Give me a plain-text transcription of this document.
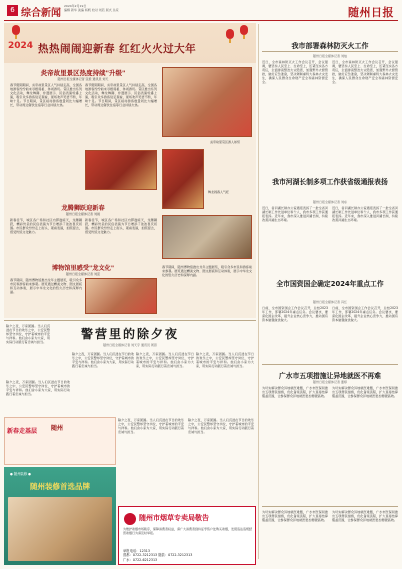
6 综合新闻
2024年2月19日
编辑 新华 美编 杨帆 校对 刘若 版式 丛家	随州日报
2024 热热闹闹迎新春 红红火火过大年
炎帝故里景区热度持续"升级"
随州日报全媒体记者 张毅 通讯员 刘天
春节假期期间，炎帝故里景区人气持续走高，全国各地游客纷纷前来寻根谒祖、休闲游玩。景区推出系列文化活动，舞龙舞狮、非遗展示、民俗表演轮番上演，吸引众多游客驻足观看，现场欢声笑语不断，年味十足。节日期间，景区接待游客数量同比大幅增长，带动周边餐饮住宿等行业持续火热。
春节假期期间，炎帝故里景区人气持续走高，全国各地游客纷纷前来寻根谒祖、休闲游玩。景区推出系列文化活动，舞龙舞狮、非遗展示、民俗表演轮番上演，吸引众多游客驻足观看，现场欢声笑语不断，年味十足。节日期间，景区接待游客数量同比大幅增长，带动周边餐饮住宿等行业持续火热。
炎帝故里景区游人如织
舞龙闹春人气旺
龙腾狮跃迎新春
随州日报全媒体记者 刘晨
新春佳节，城区各广场和社区内锣鼓喧天，龙腾狮跃，精彩纷呈的民俗表演为节日增添了浓浓喜庆氛围。市民群众纷纷走上街头，观看表演，拍照留念，感受传统文化魅力。
新春佳节，城区各广场和社区内锣鼓喧天，龙腾狮跃，精彩纷呈的民俗表演为节日增添了浓浓喜庆氛围。市民群众纷纷走上街头，观看表演，拍照留念，感受传统文化魅力。
博物馆里感受"龙文化"
随州日报全媒体记者 刘蕊
春节期间，随州博物馆推出龙年主题展览，吸引众多市民和游客前来参观。展览通过精美文物、图文展板和互动体验，展示中华龙文化的悠久历史和深厚内涵。
春节期间，随州博物馆推出龙年主题展览，吸引众多市民和游客前来参观。展览通过精美文物、图文展板和互动体验，展示中华龙文化的悠久历史和深厚内涵。
除夕之夜，万家团圆。当人们沉浸在节日的欢乐之中，公安民警却坚守岗位，守护着城市的平安与祥和。他们舍小家为大家，用实际行动践行着忠诚与担当。
警营里的除夕夜
随州日报全媒体记者 刘天宇 通讯员 周思
除夕之夜，万家团圆。当人们沉浸在节日的欢乐之中，公安民警却坚守岗位，守护着城市的平安与祥和。他们舍小家为大家，用实际行动践行着忠诚与担当。
除夕之夜，万家团圆。当人们沉浸在节日的欢乐之中，公安民警却坚守岗位，守护着城市的平安与祥和。他们舍小家为大家，用实际行动践行着忠诚与担当。
除夕之夜，万家团圆。当人们沉浸在节日的欢乐之中，公安民警却坚守岗位，守护着城市的平安与祥和。他们舍小家为大家，用实际行动践行着忠诚与担当。
除夕之夜，万家团圆。当人们沉浸在节日的欢乐之中，公安民警却坚守岗位，守护着城市的平安与祥和。他们舍小家为大家，用实际行动践行着忠诚与担当。
除夕之夜，万家团圆。当人们沉浸在节日的欢乐之中，公安民警却坚守岗位，守护着城市的平安与祥和。他们舍小家为大家，用实际行动践行着忠诚与担当。
除夕之夜，万家团圆。当人们沉浸在节日的欢乐之中，公安民警却坚守岗位，守护着城市的平安与祥和。他们舍小家为大家，用实际行动践行着忠诚与担当。
新春走基层 随州
● 随州装修 ●
随州装修首选品牌
随州市烟草专卖局敬告
为维护卷烟市场秩序，保障消费者权益，请广大消费者到持证零售户处购买卷烟，发现违法违规经营卷烟行为请及时举报。
举报电话：12313
曾都：0722-3212313 随县：0722-3212313
广水：0722-6212313
我市部署森林防灭火工作
随州日报全媒体记者 刘灿
近日，全市森林防灭火工作会议召开，会议强调，要坚持人民至上、生命至上，压紧压实各方责任，全面排查整治火灾隐患，加强野外火源管控，做好应急准备，坚决遏制重特大森林火灾发生，确保人民群众生命财产安全和森林资源安全。
近日，全市森林防灭火工作会议召开，会议强调，要坚持人民至上、生命至上，压紧压实各方责任，全面排查整治火灾隐患，加强野外火源管控，做好应急准备，坚决遏制重特大森林火灾发生，确保人民群众生命财产安全和森林资源安全。
我市河湖长制多项工作获省级通报表扬
随州日报全媒体记者 刘东
近日，省河湖长制办公室通报表扬了一批全省河湖长制工作先进单位和个人，我市多项工作获通报表扬。近年来，我市深入推进河湖长制，持续改善河湖生态环境。
近日，省河湖长制办公室通报表扬了一批全省河湖长制工作先进单位和个人，我市多项工作获通报表扬。近年来，我市深入推进河湖长制，持续改善河湖生态环境。
全市国资国企确定2024年重点工作
随州日报全媒体记者 冯红
日前，全市国资国企工作会议召开，总结2023年工作，部署2024年重点任务。会议要求，要深化国企改革，提升企业核心竞争力，推动国有资本做强做优做大。
日前，全市国资国企工作会议召开，总结2023年工作，部署2024年重点任务。会议要求，要深化国企改革，提升企业核心竞争力，推动国有资本做强做优做大。
广水市五项措施让异地就医不再难
随州日报全媒体记者 董婷
为切实解决群众异地就医难题，广水市医保局推出五项便民措施，优化备案流程，扩大直接结算覆盖范围，让参保群众异地就医更加便捷高效。
为切实解决群众异地就医难题，广水市医保局推出五项便民措施，优化备案流程，扩大直接结算覆盖范围，让参保群众异地就医更加便捷高效。
为切实解决群众异地就医难题，广水市医保局推出五项便民措施，优化备案流程，扩大直接结算覆盖范围，让参保群众异地就医更加便捷高效。
为切实解决群众异地就医难题，广水市医保局推出五项便民措施，优化备案流程，扩大直接结算覆盖范围，让参保群众异地就医更加便捷高效。
